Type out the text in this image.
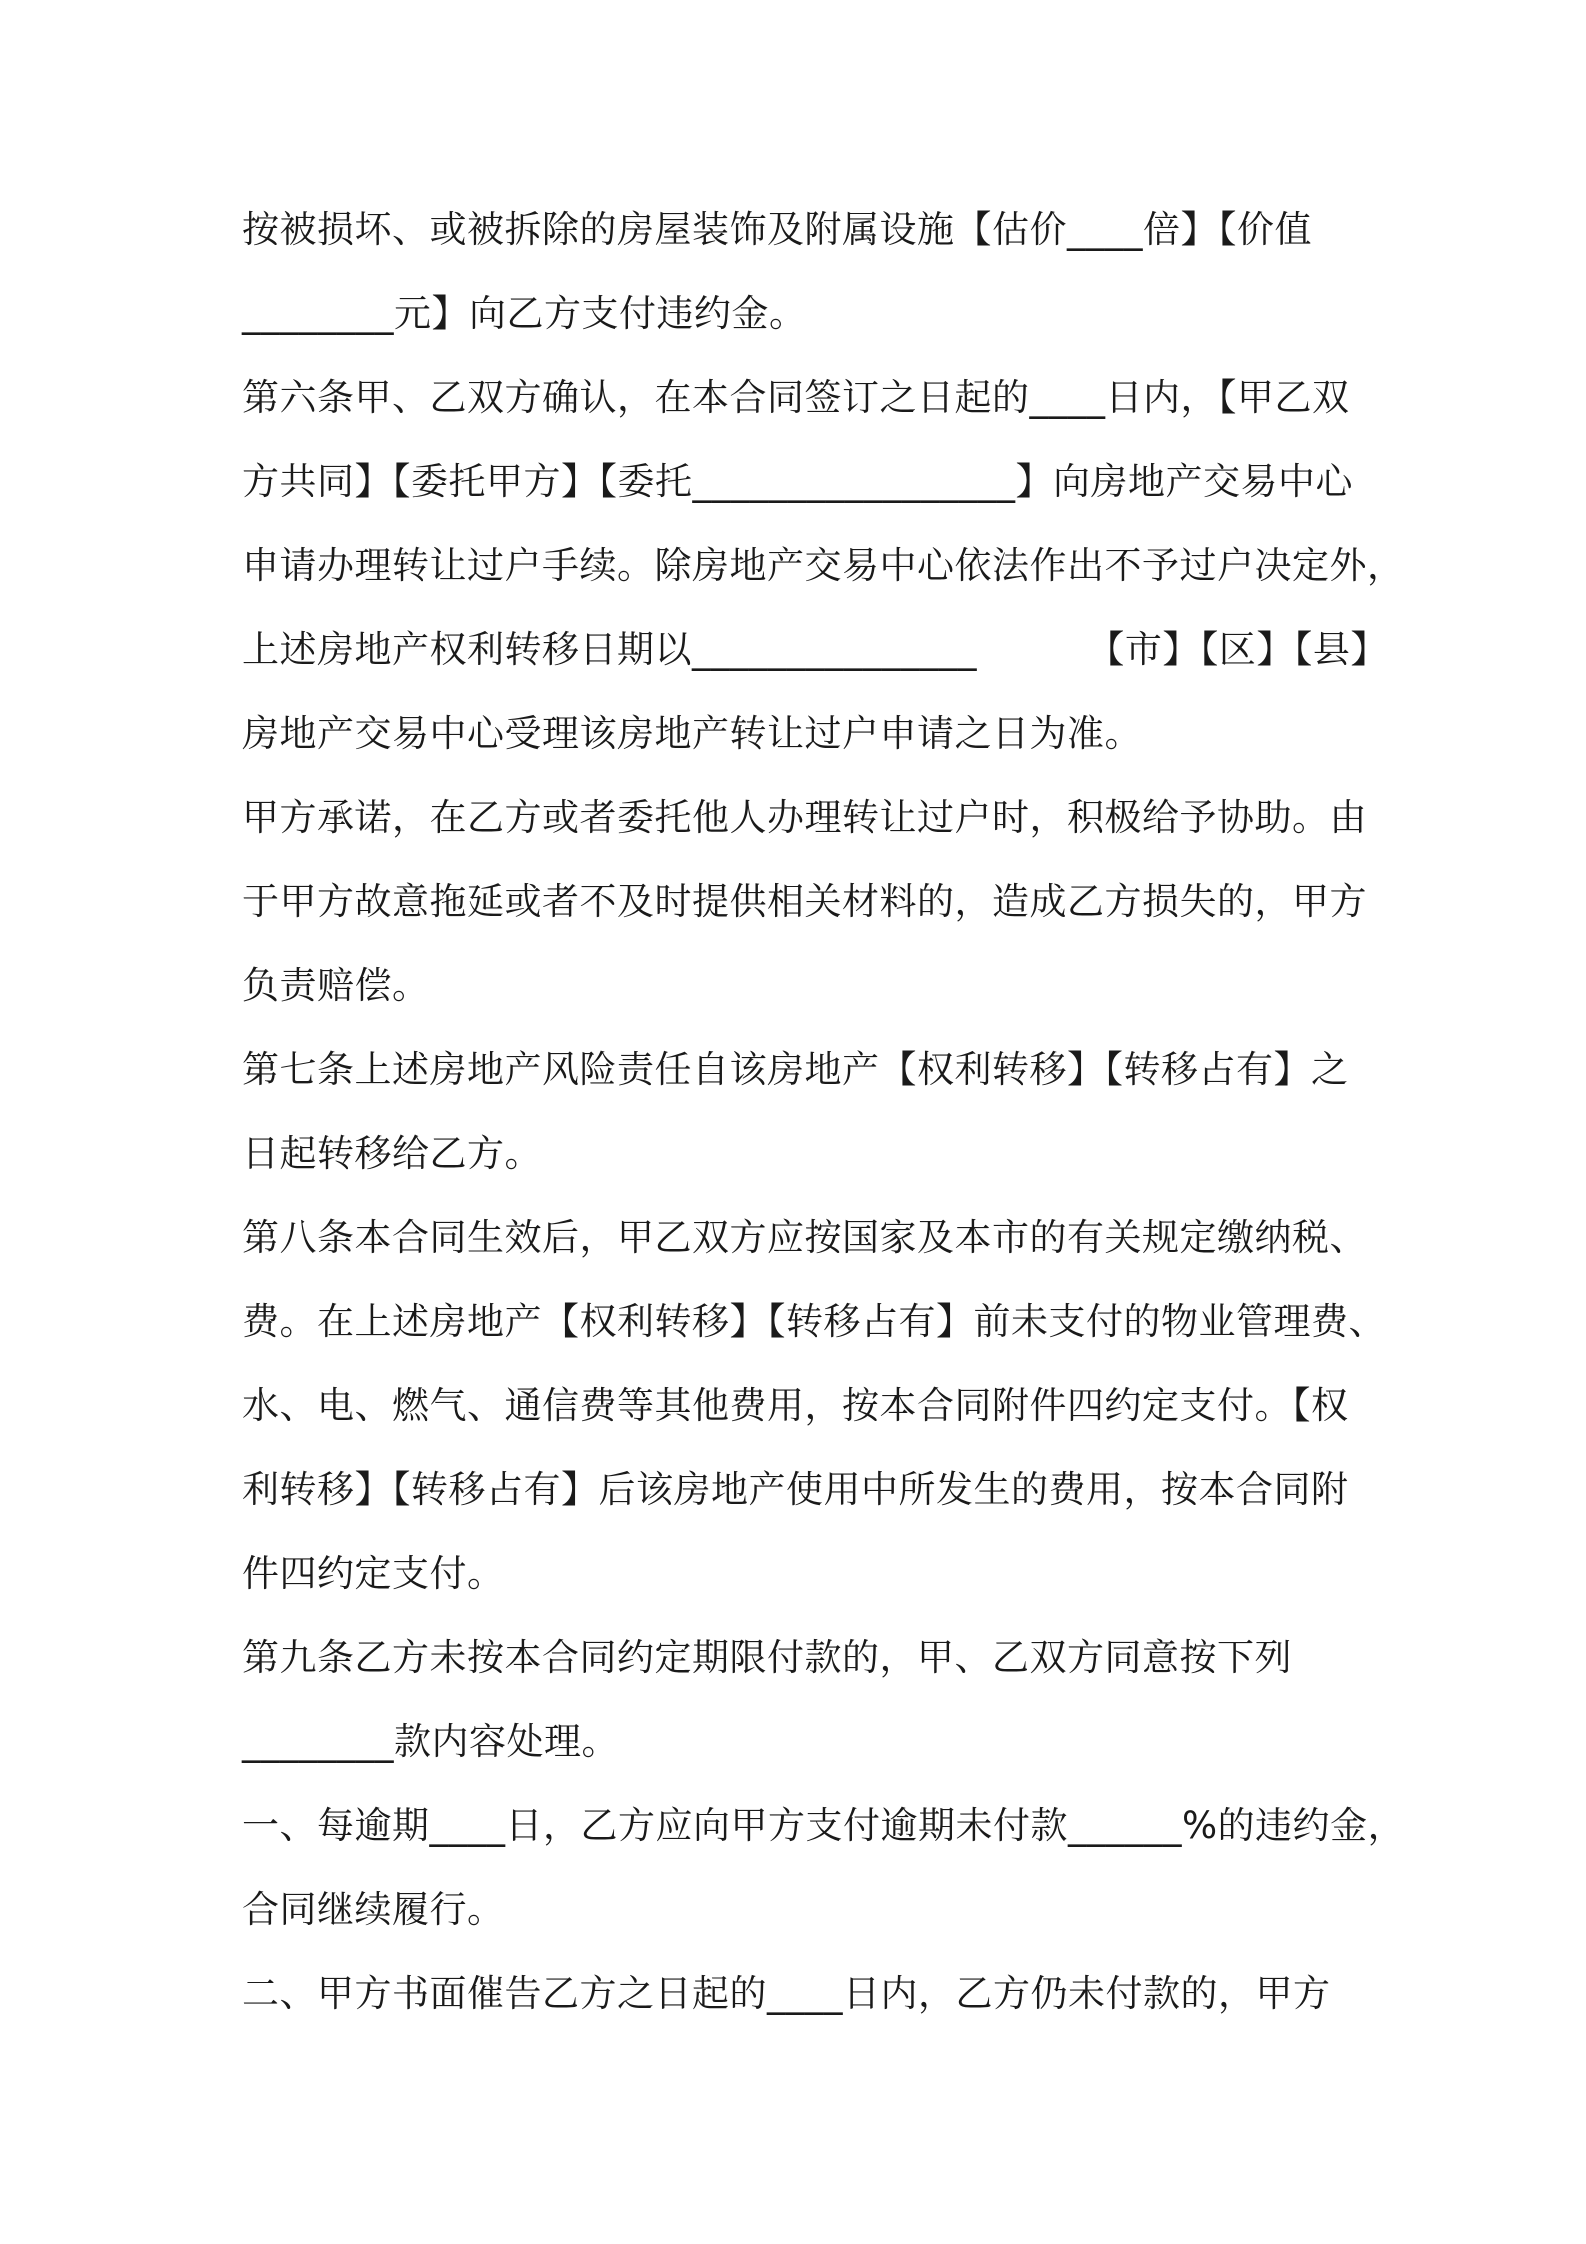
按被损坏、或被拆除的房屋装饰及附属设施【估价____倍】【价值
________元】向乙方支付违约金。
第六条甲、乙双方确认，在本合同签订之日起的____日内，【甲乙双
方共同】【委托甲方】【委托_________________】向房地产交易中心
申请办理转让过户手续。除房地产交易中心依法作出不予过户决定外，
上述房地产权利转移日期以_______________         【市】【区】【县】
房地产交易中心受理该房地产转让过户申请之日为准。
甲方承诺，在乙方或者委托他人办理转让过户时，积极给予协助。由
于甲方故意拖延或者不及时提供相关材料的，造成乙方损失的，甲方
负责赔偿。
第七条上述房地产风险责任自该房地产【权利转移】【转移占有】之
日起转移给乙方。
第八条本合同生效后，甲乙双方应按国家及本市的有关规定缴纳税、
费。在上述房地产【权利转移】【转移占有】前未支付的物业管理费、
水、电、燃气、通信费等其他费用，按本合同附件四约定支付。【权
利转移】【转移占有】后该房地产使用中所发生的费用，按本合同附
件四约定支付。
第九条乙方未按本合同约定期限付款的，甲、乙双方同意按下列
________款内容处理。
一、每逾期____日，乙方应向甲方支付逾期未付款______%的违约金，
合同继续履行。
二、甲方书面催告乙方之日起的____日内，乙方仍未付款的，甲方
